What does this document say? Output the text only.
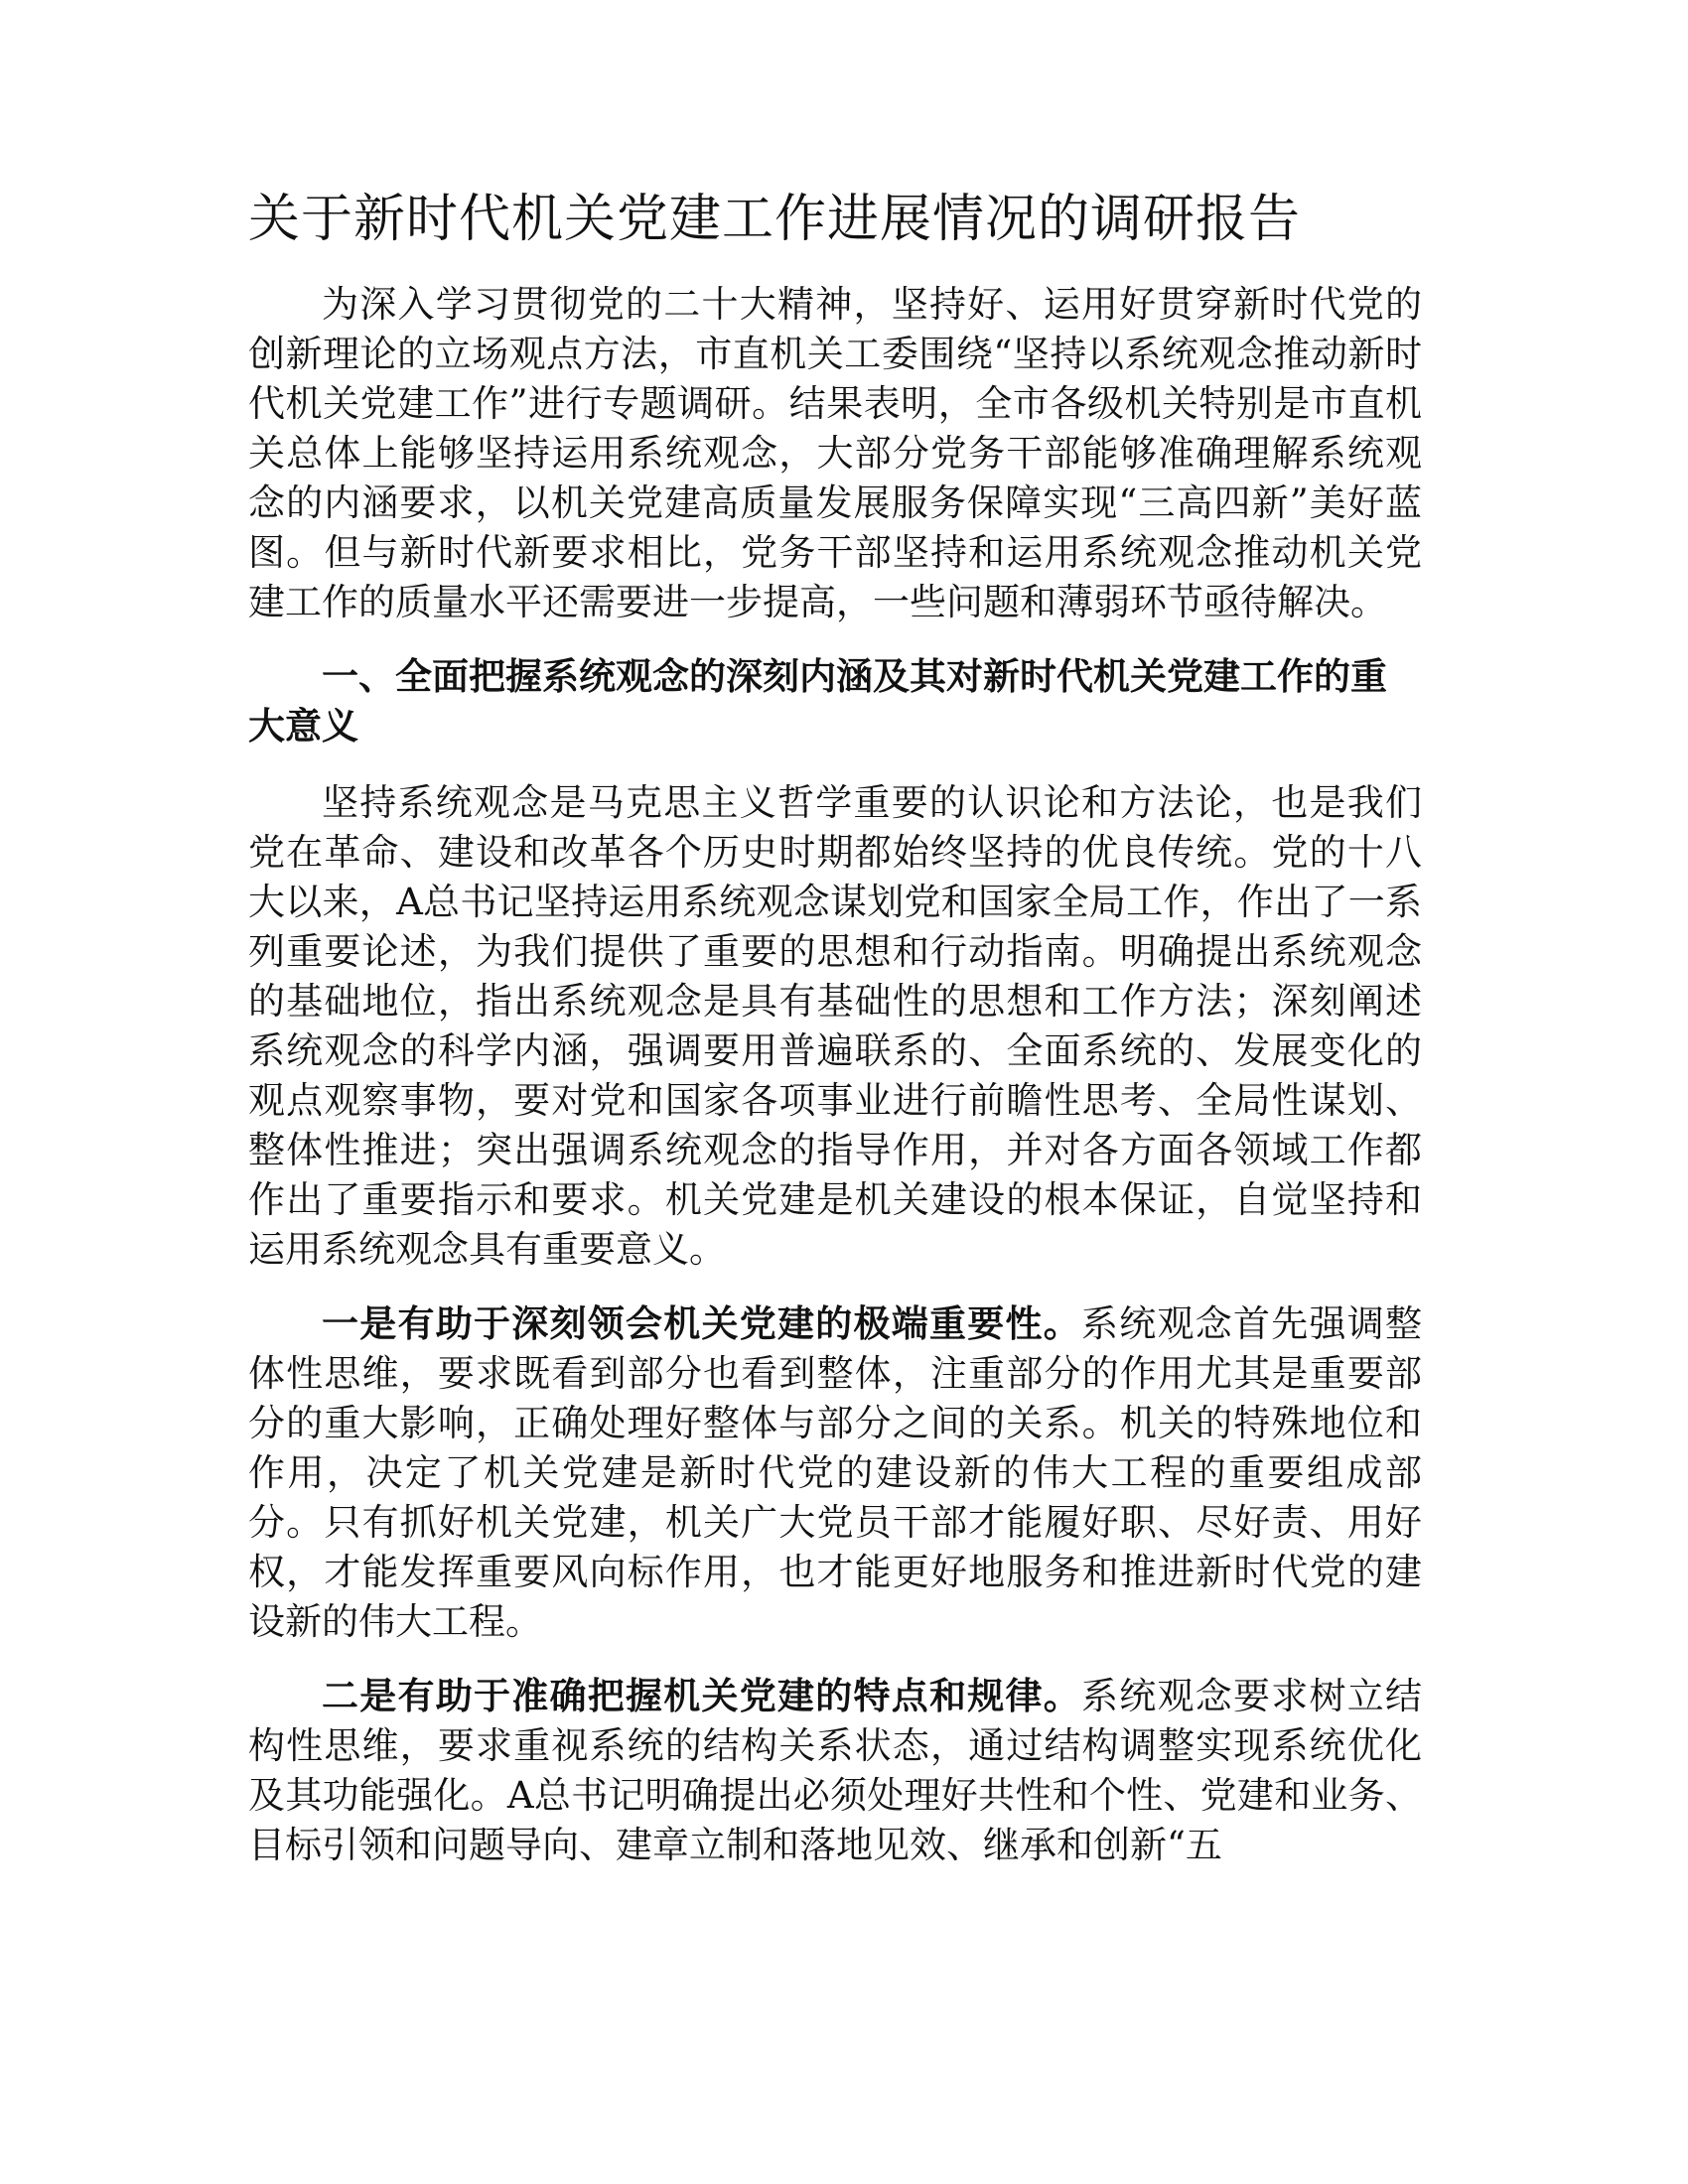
关于新时代机关党建工作进展情况的调研报告

为深入学习贯彻党的二十大精神，坚持好、运用好贯穿新时代党的创新理论的立场观点方法，市直机关工委围绕“坚持以系统观念推动新时代机关党建工作”进行专题调研。结果表明，全市各级机关特别是市直机关总体上能够坚持运用系统观念，大部分党务干部能够准确理解系统观念的内涵要求，以机关党建高质量发展服务保障实现“三高四新”美好蓝图。但与新时代新要求相比，党务干部坚持和运用系统观念推动机关党建工作的质量水平还需要进一步提高，一些问题和薄弱环节亟待解决。

一、全面把握系统观念的深刻内涵及其对新时代机关党建工作的重大意义

坚持系统观念是马克思主义哲学重要的认识论和方法论，也是我们党在革命、建设和改革各个历史时期都始终坚持的优良传统。党的十八大以来，A总书记坚持运用系统观念谋划党和国家全局工作，作出了一系列重要论述，为我们提供了重要的思想和行动指南。明确提出系统观念的基础地位，指出系统观念是具有基础性的思想和工作方法；深刻阐述系统观念的科学内涵，强调要用普遍联系的、全面系统的、发展变化的观点观察事物，要对党和国家各项事业进行前瞻性思考、全局性谋划、整体性推进；突出强调系统观念的指导作用，并对各方面各领域工作都作出了重要指示和要求。机关党建是机关建设的根本保证，自觉坚持和运用系统观念具有重要意义。

一是有助于深刻领会机关党建的极端重要性。系统观念首先强调整体性思维，要求既看到部分也看到整体，注重部分的作用尤其是重要部分的重大影响，正确处理好整体与部分之间的关系。机关的特殊地位和作用，决定了机关党建是新时代党的建设新的伟大工程的重要组成部分。只有抓好机关党建，机关广大党员干部才能履好职、尽好责、用好权，才能发挥重要风向标作用，也才能更好地服务和推进新时代党的建设新的伟大工程。

二是有助于准确把握机关党建的特点和规律。系统观念要求树立结构性思维，要求重视系统的结构关系状态，通过结构调整实现系统优化及其功能强化。A总书记明确提出必须处理好共性和个性、党建和业务、目标引领和问题导向、建章立制和落地见效、继承和创新“五
